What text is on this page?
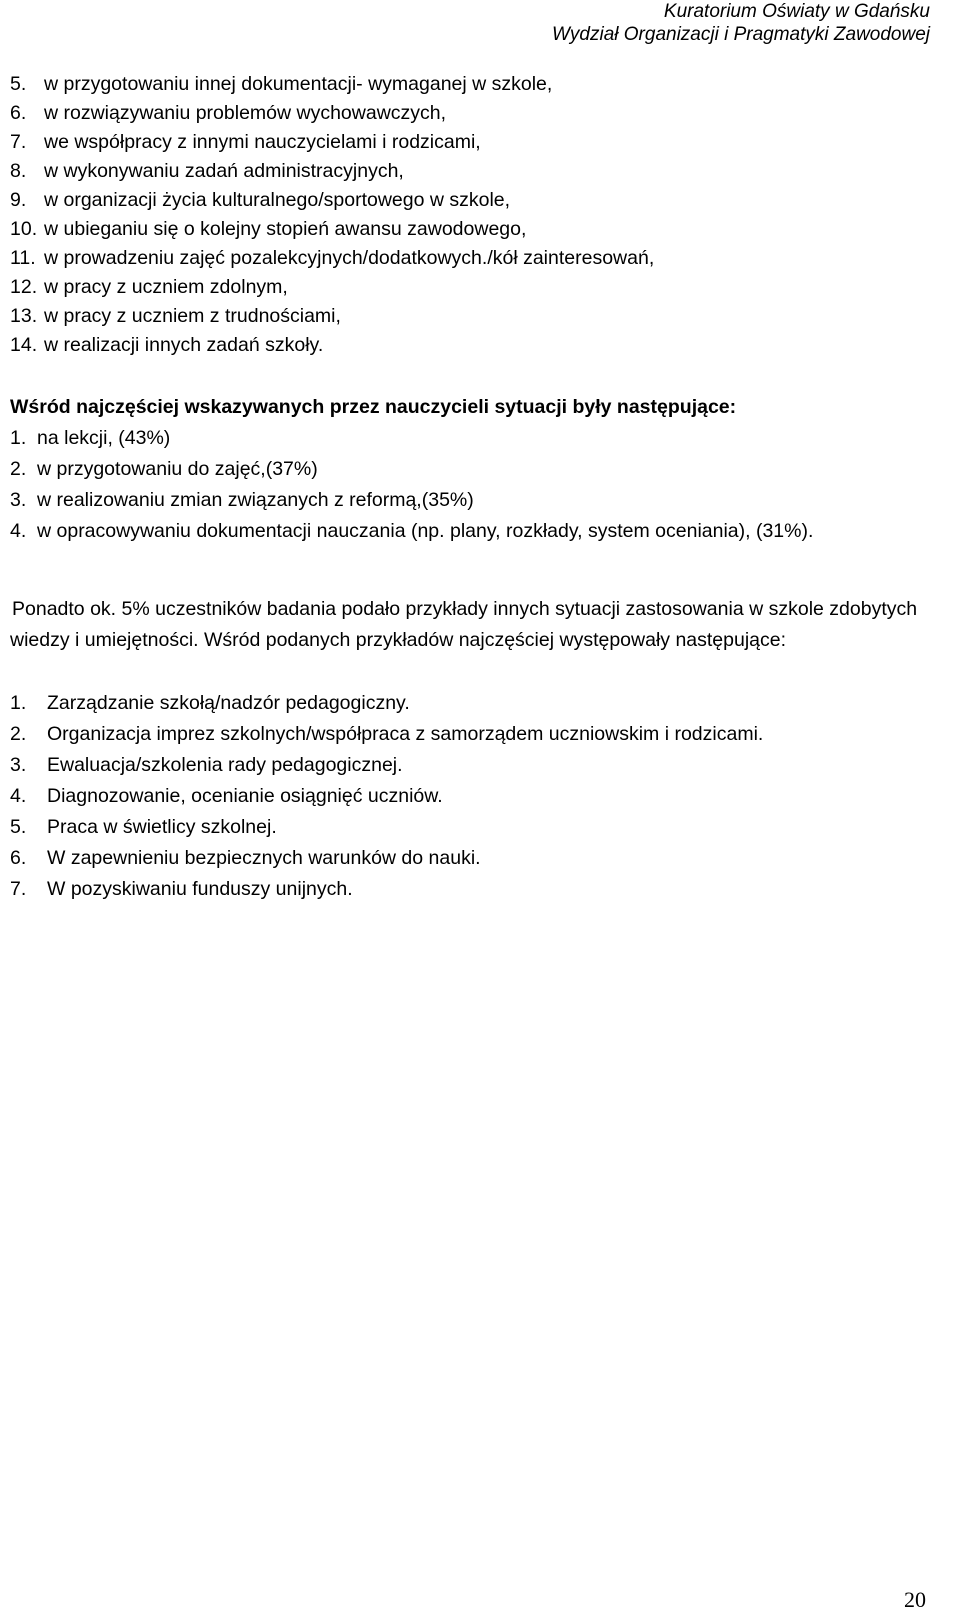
Kuratorium Oświaty w Gdańsku
Wydział Organizacji i Pragmatyki Zawodowej
5. w przygotowaniu innej dokumentacji- wymaganej w szkole,
6. w rozwiązywaniu problemów wychowawczych,
7. we współpracy z innymi nauczycielami i rodzicami,
8. w wykonywaniu zadań administracyjnych,
9. w organizacji życia kulturalnego/sportowego w szkole,
10. w ubieganiu się o kolejny stopień awansu zawodowego,
11. w prowadzeniu zajęć pozalekcyjnych/dodatkowych./kół zainteresowań,
12. w pracy z uczniem zdolnym,
13. w pracy z uczniem z trudnościami,
14. w realizacji innych zadań szkoły.
Wśród najczęściej wskazywanych przez nauczycieli sytuacji były następujące:
1. na lekcji, (43%)
2. w przygotowaniu do zajęć,(37%)
3. w realizowaniu zmian związanych z reformą,(35%)
4. w opracowywaniu dokumentacji nauczania (np. plany, rozkłady, system oceniania), (31%).

Ponadto ok. 5% uczestników badania podało przykłady innych sytuacji zastosowania w szkole zdobytych wiedzy i umiejętności. Wśród podanych przykładów najczęściej występowały następujące:

1.	Zarządzanie szkołą/nadzór pedagogiczny.
2.	Organizacja imprez szkolnych/współpraca z samorządem uczniowskim i rodzicami.
3.	Ewaluacja/szkolenia rady pedagogicznej.
4.	Diagnozowanie, ocenianie osiągnięć uczniów.
5.	Praca w świetlicy szkolnej.
6.	W zapewnieniu bezpiecznych warunków do nauki.
7.	W pozyskiwaniu funduszy unijnych.
20
